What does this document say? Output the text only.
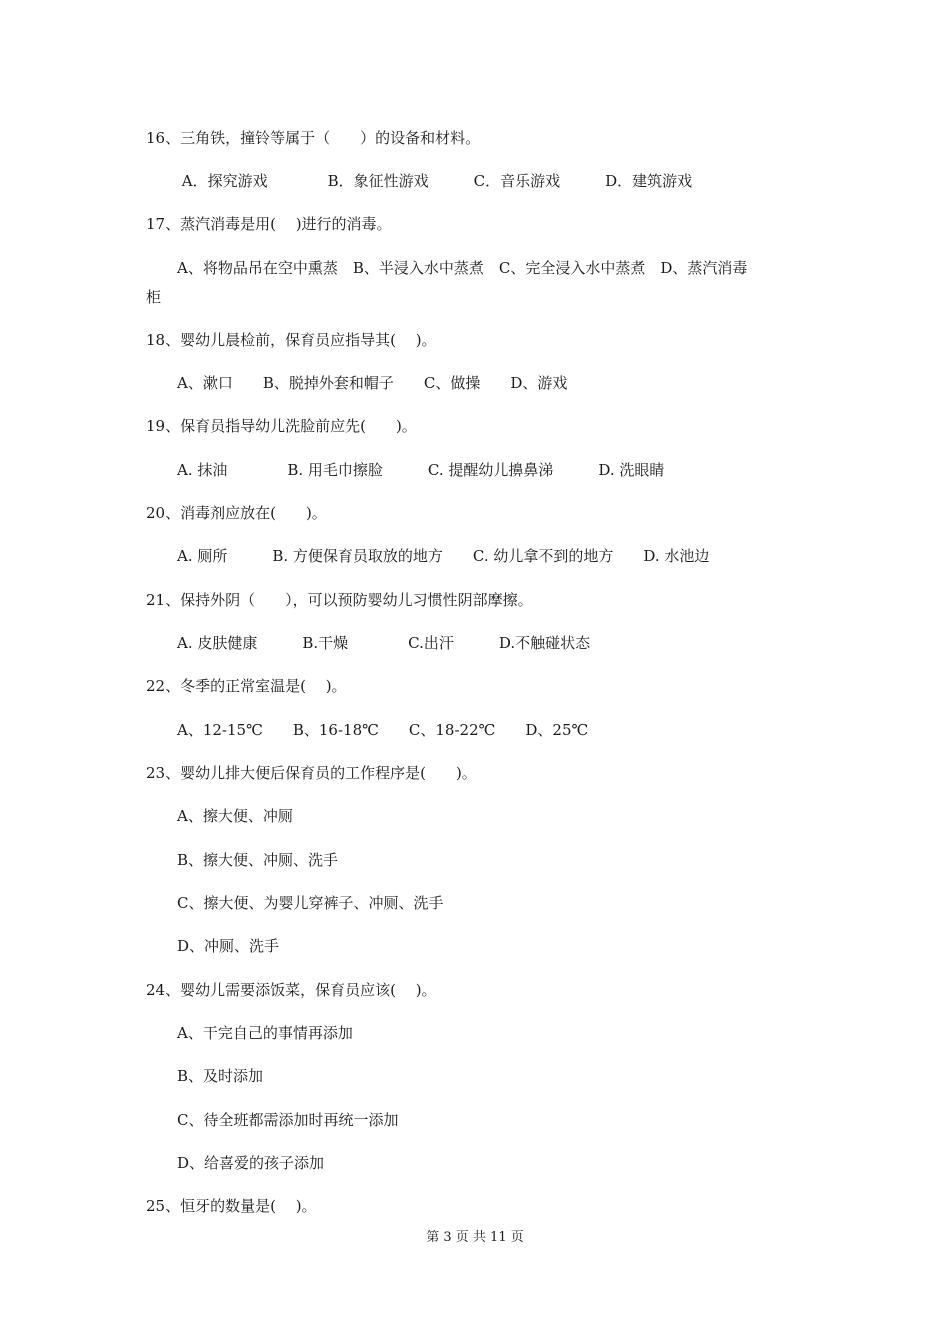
16、三角铁，撞铃等属于（　　）的设备和材料。
A．探究游戏　　　　B．象征性游戏　　　C．音乐游戏　　　D．建筑游戏
17、蒸汽消毒是用(　 )进行的消毒。
A、将物品吊在空中熏蒸　B、半浸入水中蒸煮　C、完全浸入水中蒸煮　D、蒸汽消毒
柜
18、婴幼儿晨检前，保育员应指导其(　 )。
A、漱口　　B、脱掉外套和帽子　　C、做操　　D、游戏
19、保育员指导幼儿洗脸前应先(　　)。
A. 抹油　　　　B. 用毛巾擦脸　　　C. 提醒幼儿擤鼻涕　　　D. 洗眼睛
20、消毒剂应放在(　　)。
A. 厕所　　　B. 方便保育员取放的地方　　C. 幼儿拿不到的地方　　D. 水池边
21、保持外阴（　　），可以预防婴幼儿习惯性阴部摩擦。
A. 皮肤健康　　　B.干燥　　　　C.出汗　　　D.不触碰状态
22、冬季的正常室温是(　 )。
A、12-15℃　　B、16-18℃　　C、18-22℃　　D、25℃
23、婴幼儿排大便后保育员的工作程序是(　　)。
A、擦大便、冲厕
B、擦大便、冲厕、洗手
C、擦大便、为婴儿穿裤子、冲厕、洗手
D、冲厕、洗手
24、婴幼儿需要添饭菜，保育员应该(　 )。
A、干完自己的事情再添加
B、及时添加
C、待全班都需添加时再统一添加
D、给喜爱的孩子添加
25、恒牙的数量是(　 )。
第 3 页 共 11 页
